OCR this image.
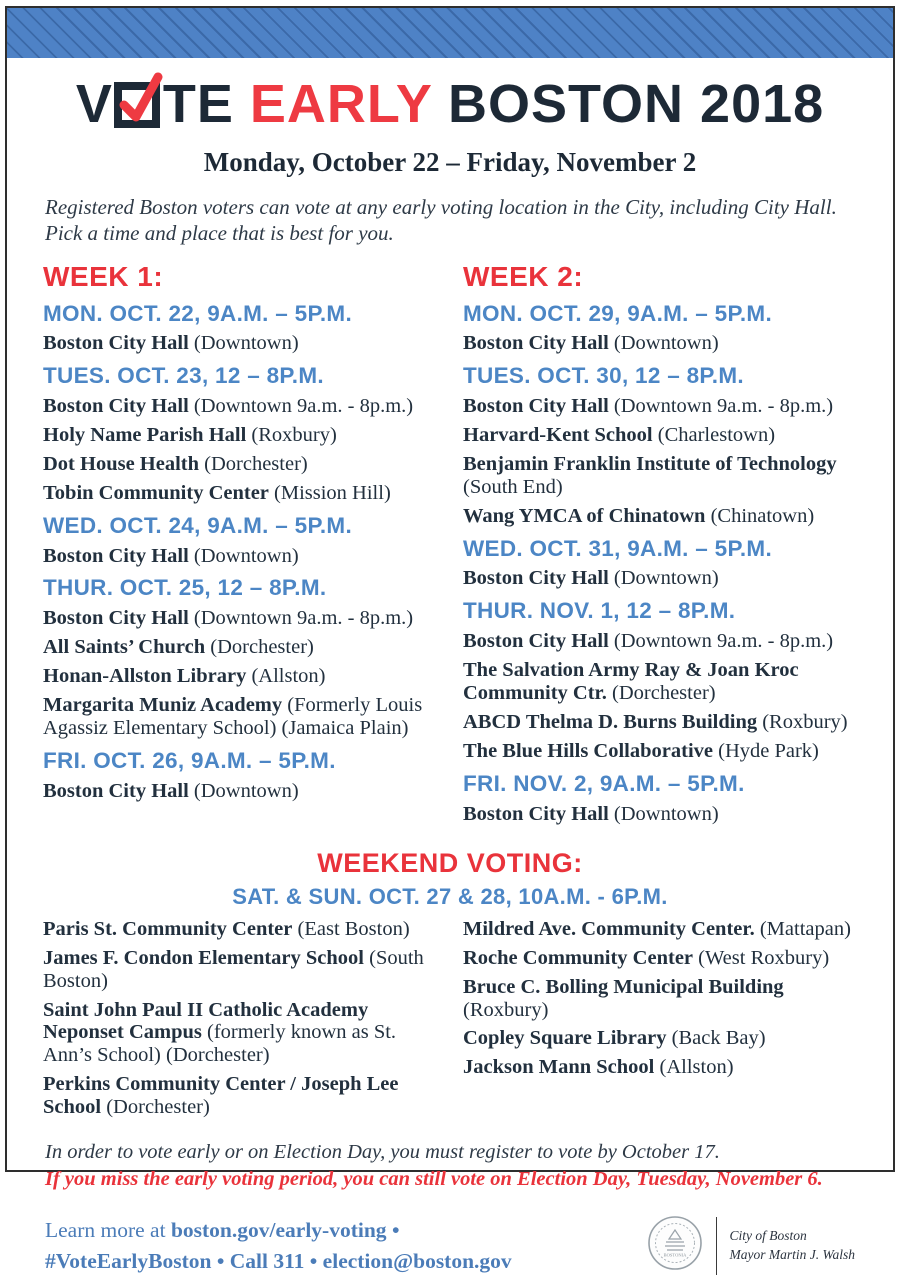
V TE EARLY BOSTON 2018
Monday, October 22 – Friday, November 2

Registered Boston voters can vote at any early voting location in the City, including City Hall.
Pick a time and place that is best for you.

WEEK 1:
MON. OCT. 22, 9A.M. – 5P.M.

Boston City Hall (Downtown)

TUES. OCT. 23, 12 – 8P.M.

Boston City Hall (Downtown 9a.m. - 8p.m.)

Holy Name Parish Hall (Roxbury)

Dot House Health (Dorchester)

Tobin Community Center (Mission Hill)

WED. OCT. 24, 9A.M. – 5P.M.

Boston City Hall (Downtown)

THUR. OCT. 25, 12 – 8P.M.

Boston City Hall (Downtown 9a.m. - 8p.m.)

All Saints’ Church (Dorchester)

Honan-Allston Library (Allston)

Margarita Muniz Academy (Formerly Louis Agassiz Elementary School) (Jamaica Plain)

FRI. OCT. 26, 9A.M. – 5P.M.

Boston City Hall (Downtown)

WEEK 2:
MON. OCT. 29, 9A.M. – 5P.M.

Boston City Hall (Downtown)

TUES. OCT. 30, 12 – 8P.M.

Boston City Hall (Downtown 9a.m. - 8p.m.)

Harvard-Kent School (Charlestown)

Benjamin Franklin Institute of Technology (South End)

Wang YMCA of Chinatown (Chinatown)

WED. OCT. 31, 9A.M. – 5P.M.

Boston City Hall (Downtown)

THUR. NOV. 1, 12 – 8P.M.

Boston City Hall (Downtown 9a.m. - 8p.m.)

The Salvation Army Ray & Joan Kroc Community Ctr. (Dorchester)

ABCD Thelma D. Burns Building (Roxbury)

The Blue Hills Collaborative (Hyde Park)

FRI. NOV. 2, 9A.M. – 5P.M.

Boston City Hall (Downtown)

WEEKEND VOTING:
SAT. & SUN. OCT. 27 & 28, 10A.M. - 6P.M.

Paris St. Community Center (East Boston)

James F. Condon Elementary School (South Boston)

Saint John Paul II Catholic Academy Neponset Campus (formerly known as St. Ann’s School) (Dorchester)

Perkins Community Center / Joseph Lee School (Dorchester)

Mildred Ave. Community Center. (Mattapan)

Roche Community Center (West Roxbury)

Bruce C. Bolling Municipal Building (Roxbury)

Copley Square Library (Back Bay)

Jackson Mann School (Allston)

In order to vote early or on Election Day, you must register to vote by October 17.

If you miss the early voting period, you can still vote on Election Day, Tuesday, November 6.

Learn more at boston.gov/early-voting •
#VoteEarlyBoston • Call 311 • election@boston.gov	BOSTONIA
City of Boston
Mayor Martin J. Walsh
